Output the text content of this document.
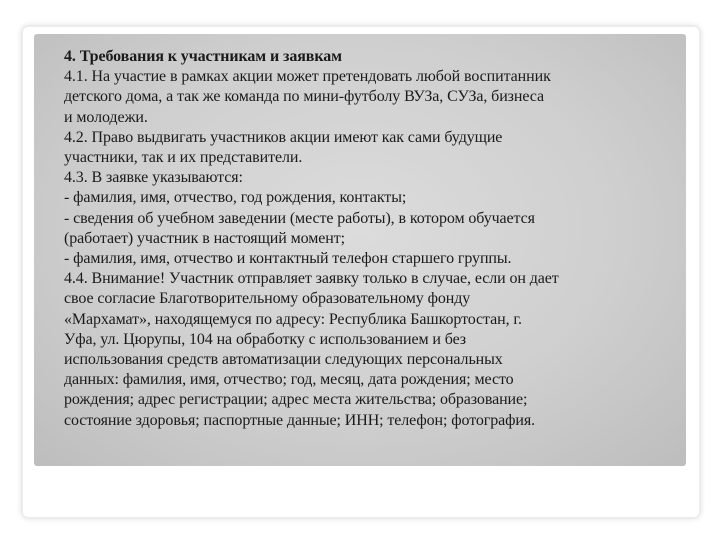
4. Требования к участникам и заявкам
4.1. На участие в рамках акции может претендовать любой воспитанник
детского дома, а так же команда по мини-футболу ВУЗа, СУЗа, бизнеса
и молодежи.
4.2. Право выдвигать участников акции имеют как сами будущие
участники, так и их представители.
4.3. В заявке указываются:
- фамилия, имя, отчество, год рождения, контакты;
- сведения об учебном заведении (месте работы), в котором обучается
(работает) участник в настоящий момент;
- фамилия, имя, отчество и контактный телефон старшего группы.
4.4. Внимание! Участник отправляет заявку только в случае, если он дает
свое согласие Благотворительному образовательному фонду
«Мархамат», находящемуся по адресу: Республика Башкортостан, г.
Уфа, ул. Цюрупы, 104 на обработку с использованием и без
использования средств автоматизации следующих персональных
данных: фамилия, имя, отчество; год, месяц, дата рождения; место
рождения; адрес регистрации; адрес места жительства; образование;
состояние здоровья; паспортные данные; ИНН; телефон; фотография.
